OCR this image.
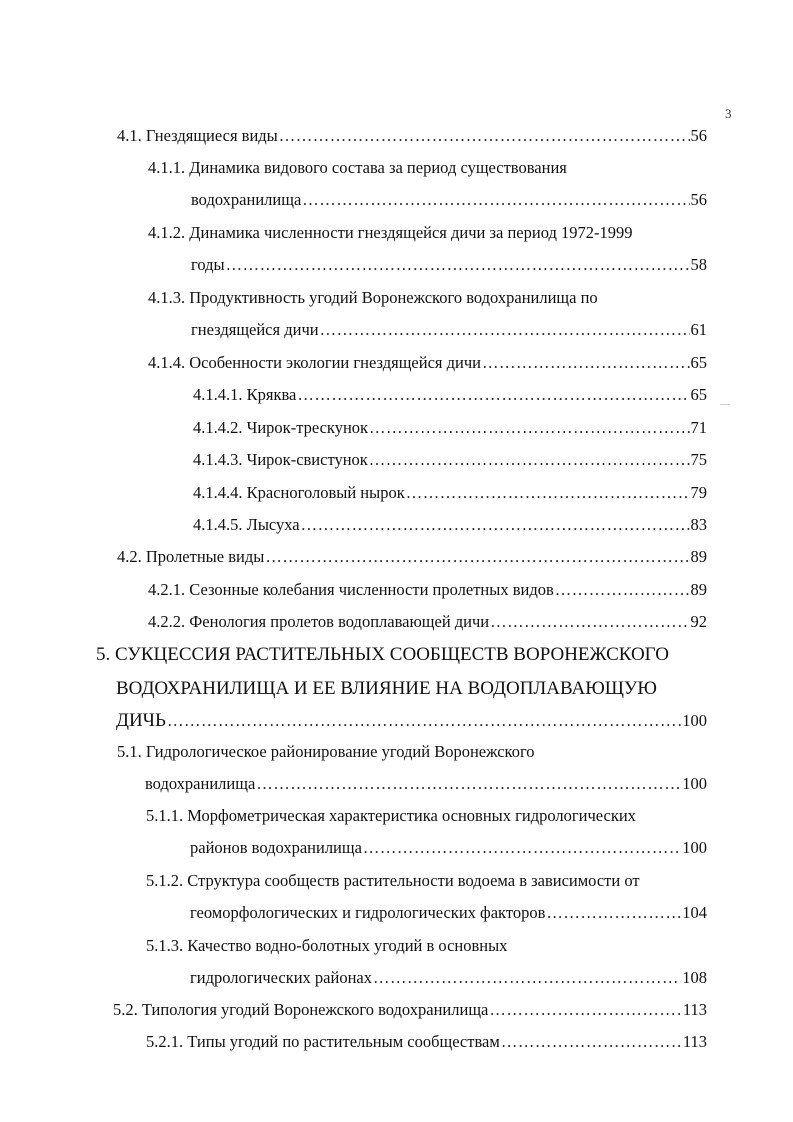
3
4.1. Гнездящиеся виды …………………………………………………………………………………………………………………………………………………………………………………………………	56
4.1.1. Динамика видового состава за период существования
водохранилища …………………………………………………………………………………………………………………………………………………………………………………………………	56
4.1.2. Динамика численности гнездящейся дичи за период 1972-1999
годы …………………………………………………………………………………………………………………………………………………………………………………………………	58
4.1.3. Продуктивность угодий Воронежского водохранилища по
гнездящейся дичи …………………………………………………………………………………………………………………………………………………………………………………………………	61
4.1.4. Особенности экологии гнездящейся дичи …………………………………………………………………………………………………………………………………………………………………………………………………	65
4.1.4.1. Кряква …………………………………………………………………………………………………………………………………………………………………………………………………	65
4.1.4.2. Чирок-трескунок …………………………………………………………………………………………………………………………………………………………………………………………………	71
4.1.4.3. Чирок-свистунок …………………………………………………………………………………………………………………………………………………………………………………………………	75
4.1.4.4. Красноголовый нырок …………………………………………………………………………………………………………………………………………………………………………………………………	79
4.1.4.5. Лысуха …………………………………………………………………………………………………………………………………………………………………………………………………	83
4.2. Пролетные виды …………………………………………………………………………………………………………………………………………………………………………………………………	89
4.2.1. Сезонные колебания численности пролетных видов …………………………………………………………………………………………………………………………………………………………………………………………………	89
4.2.2. Фенология пролетов водоплавающей дичи …………………………………………………………………………………………………………………………………………………………………………………………………	92
5. СУКЦЕССИЯ РАСТИТЕЛЬНЫХ СООБЩЕСТВ ВОРОНЕЖСКОГО
ВОДОХРАНИЛИЩА И ЕЕ ВЛИЯНИЕ НА ВОДОПЛАВАЮЩУЮ
ДИЧЬ …………………………………………………………………………………………………………………………………………………………………………………………………	100
5.1. Гидрологическое районирование угодий Воронежского
водохранилища …………………………………………………………………………………………………………………………………………………………………………………………………	100
5.1.1. Морфометрическая характеристика основных гидрологических
районов водохранилища …………………………………………………………………………………………………………………………………………………………………………………………………	100
5.1.2. Структура сообществ растительности водоема в зависимости от
геоморфологических и гидрологических факторов …………………………………………………………………………………………………………………………………………………………………………………………………	104
5.1.3. Качество водно-болотных угодий в основных
гидрологических районах …………………………………………………………………………………………………………………………………………………………………………………………………	108
5.2. Типология угодий Воронежского водохранилища …………………………………………………………………………………………………………………………………………………………………………………………………	113
5.2.1. Типы угодий по растительным сообществам …………………………………………………………………………………………………………………………………………………………………………………………………	113
